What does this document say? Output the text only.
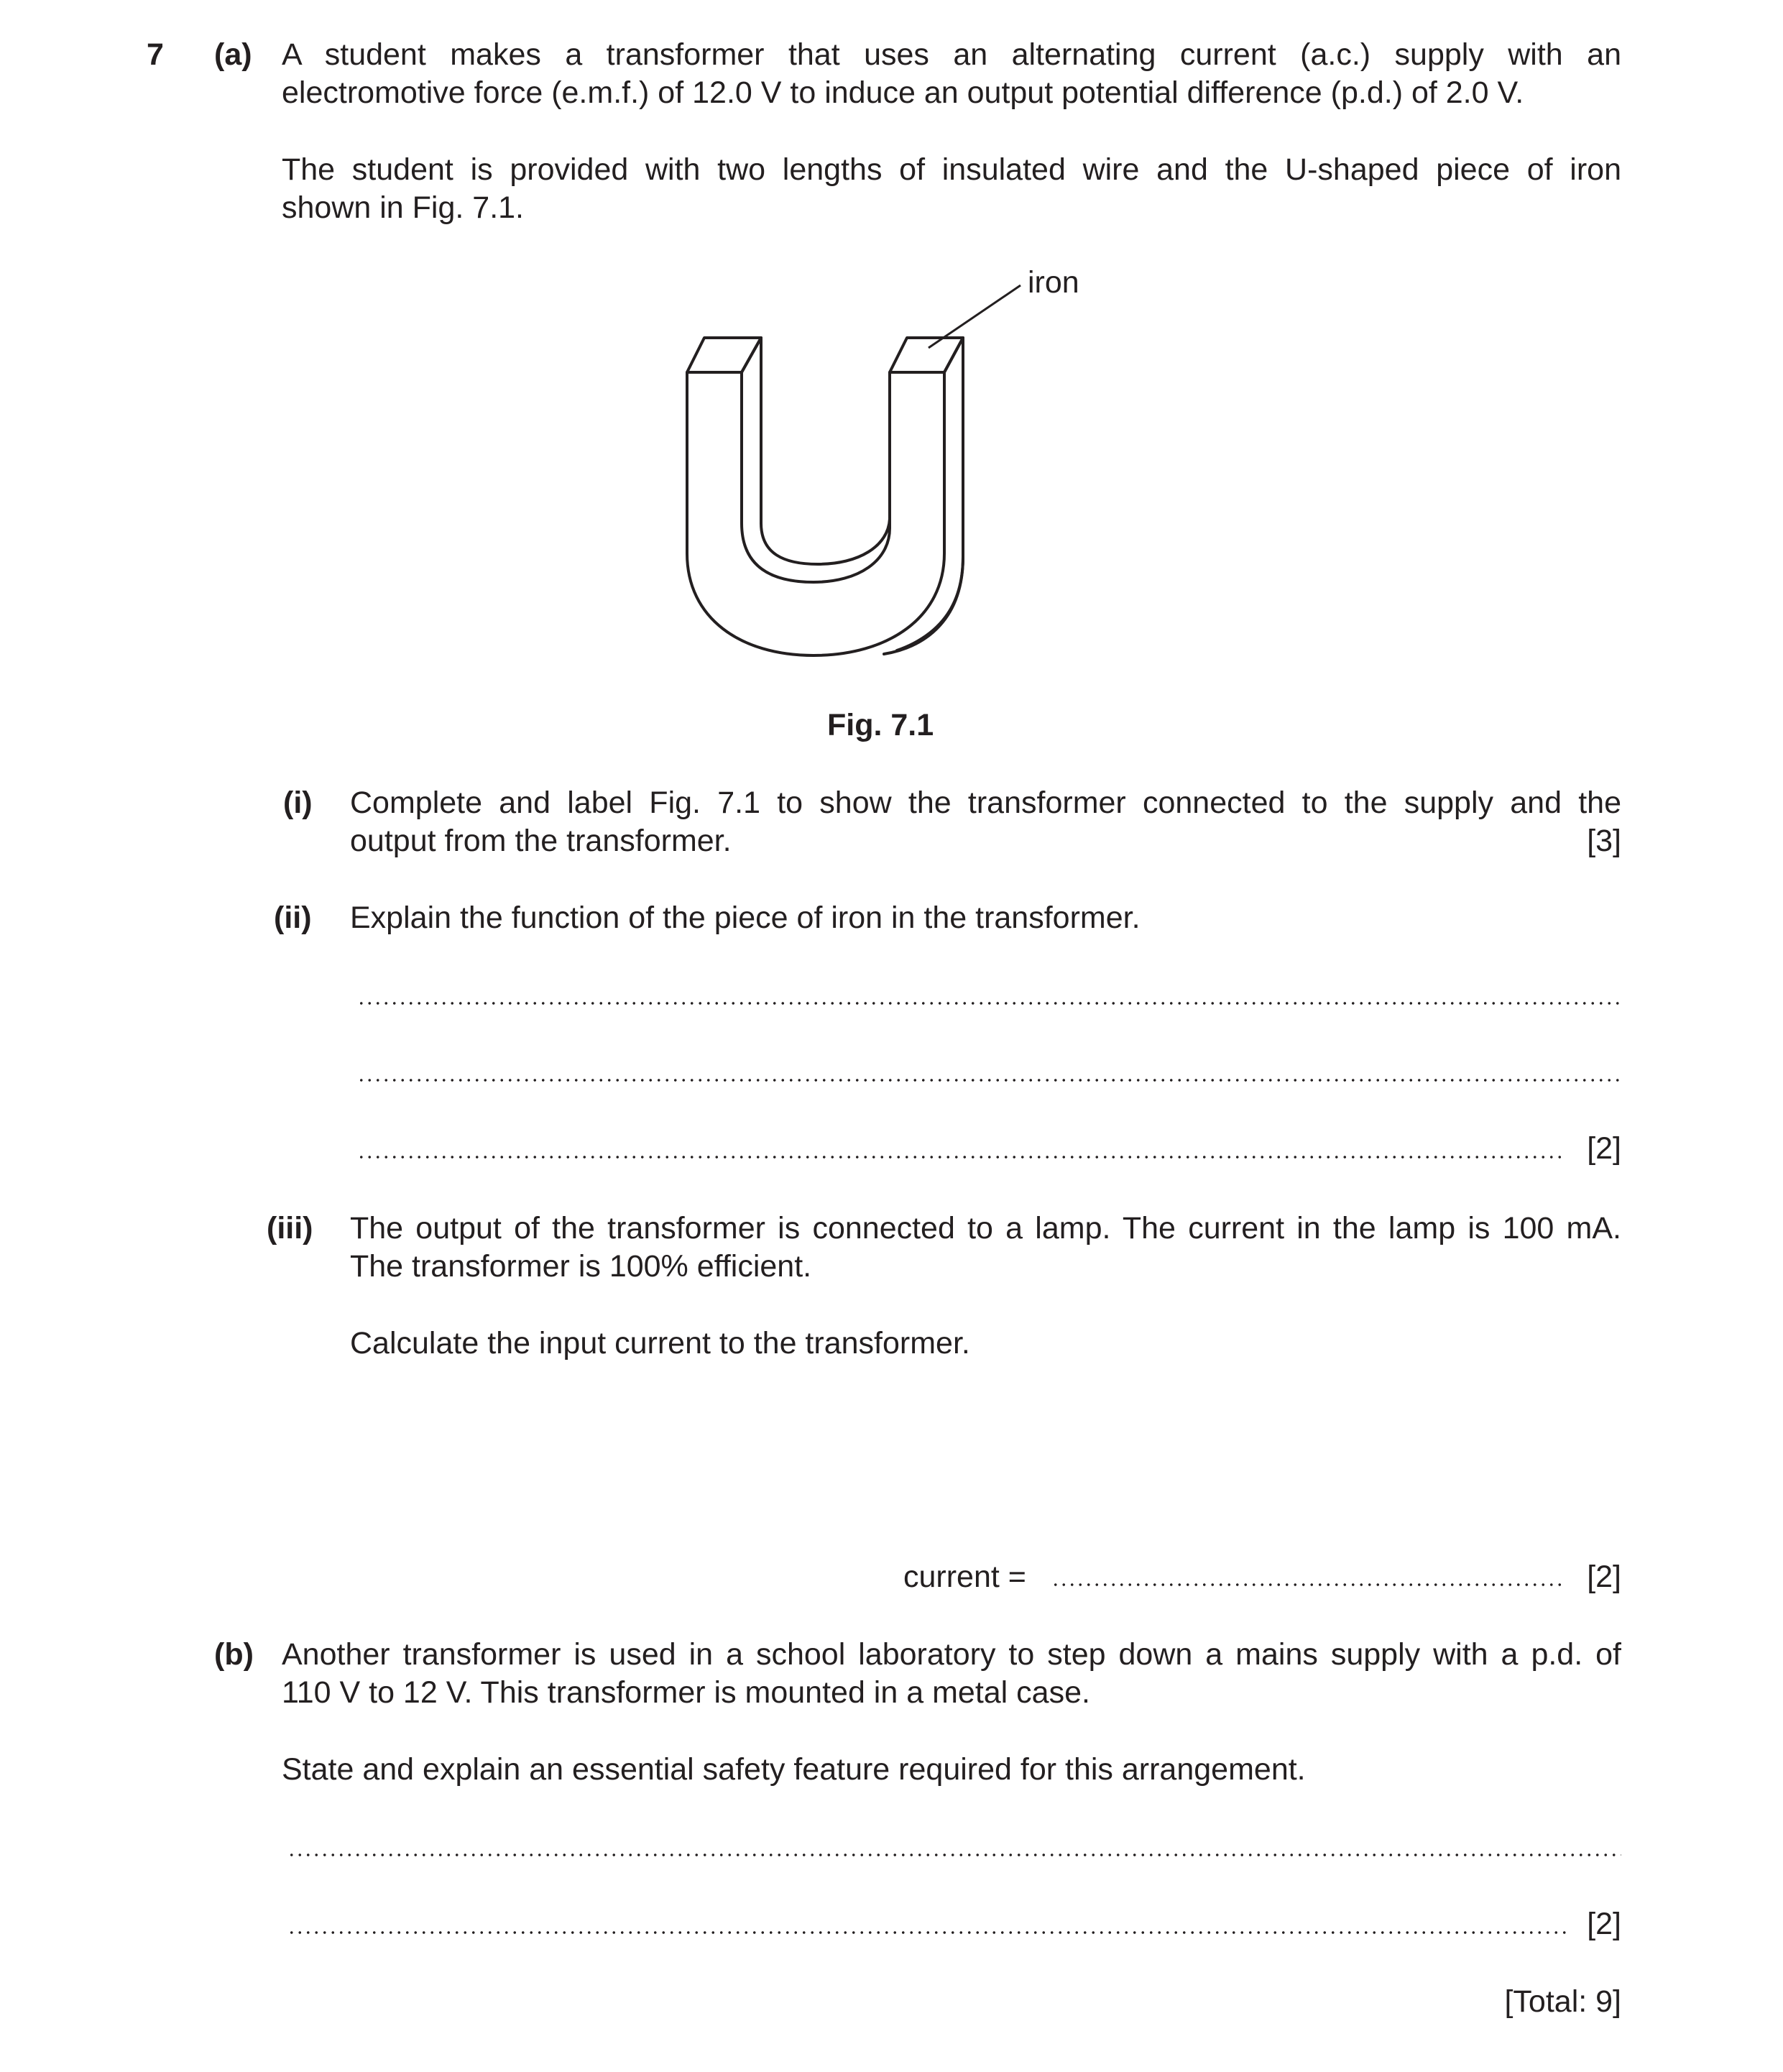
7 (a) A student makes a transformer that uses an alternating current (a.c.) supply with an
electromotive force (e.m.f.) of 12.0 V to induce an output potential difference (p.d.) of 2.0 V.
The student is provided with two lengths of insulated wire and the U-shaped piece of iron
shown in Fig. 7.1.
iron
Fig. 7.1
(i) Complete and label Fig. 7.1 to show the transformer connected to the supply and the
output from the transformer.	[3]
(ii) Explain the function of the piece of iron in the transformer.
[2]
(iii) The output of the transformer is connected to a lamp. The current in the lamp is 100 mA.
The transformer is 100% efficient.
Calculate the input current to the transformer.
current =	[2]
(b) Another transformer is used in a school laboratory to step down a mains supply with a p.d. of
110 V to 12 V. This transformer is mounted in a metal case.
State and explain an essential safety feature required for this arrangement.
[2]
[Total: 9]
